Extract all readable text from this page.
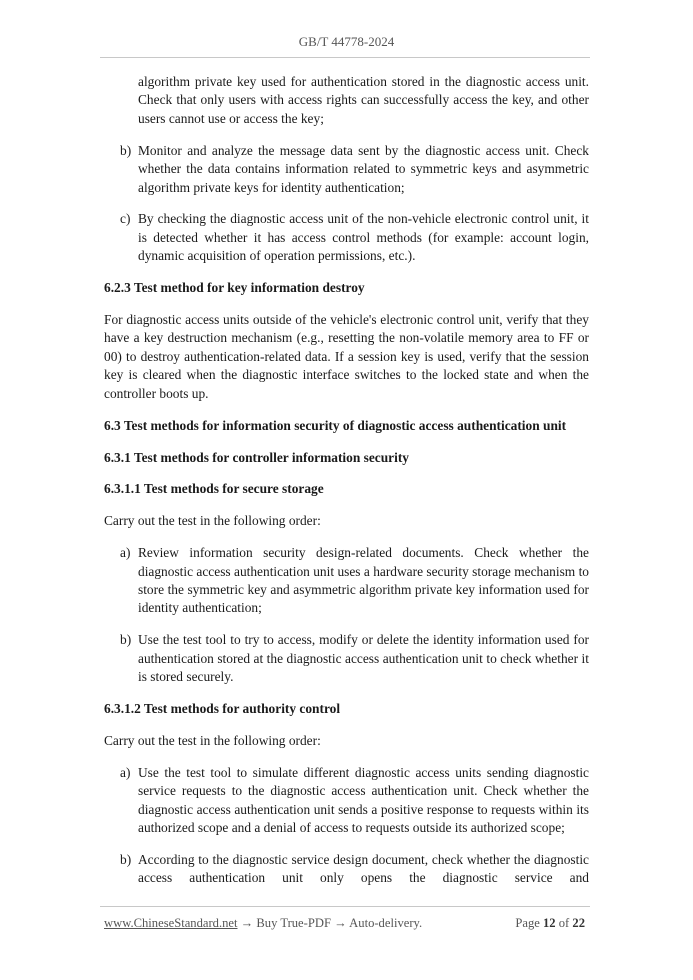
GB/T 44778-2024

algorithm private key used for authentication stored in the diagnostic access unit. Check that only users with access rights can successfully access the key, and other users cannot use or access the key;

b) Monitor and analyze the message data sent by the diagnostic access unit. Check whether the data contains information related to symmetric keys and asymmetric algorithm private keys for identity authentication;

c) By checking the diagnostic access unit of the non-vehicle electronic control unit, it is detected whether it has access control methods (for example: account login, dynamic acquisition of operation permissions, etc.).

6.2.3 Test method for key information destroy

For diagnostic access units outside of the vehicle's electronic control unit, verify that they have a key destruction mechanism (e.g., resetting the non-volatile memory area to FF or 00) to destroy authentication-related data. If a session key is used, verify that the session key is cleared when the diagnostic interface switches to the locked state and when the controller boots up.

6.3 Test methods for information security of diagnostic access authentication unit

6.3.1 Test methods for controller information security

6.3.1.1 Test methods for secure storage

Carry out the test in the following order:

a) Review information security design-related documents. Check whether the diagnostic access authentication unit uses a hardware security storage mechanism to store the symmetric key and asymmetric algorithm private key information used for identity authentication;

b) Use the test tool to try to access, modify or delete the identity information used for authentication stored at the diagnostic access authentication unit to check whether it is stored securely.

6.3.1.2 Test methods for authority control

Carry out the test in the following order:

a) Use the test tool to simulate different diagnostic access units sending diagnostic service requests to the diagnostic access authentication unit. Check whether the diagnostic access authentication unit sends a positive response to requests within its authorized scope and a denial of access to requests outside its authorized scope;

b) According to the diagnostic service design document, check whether the diagnostic access authentication unit only opens the diagnostic service and

www.ChineseStandard.net → Buy True-PDF → Auto-delivery.	Page 12 of 22
